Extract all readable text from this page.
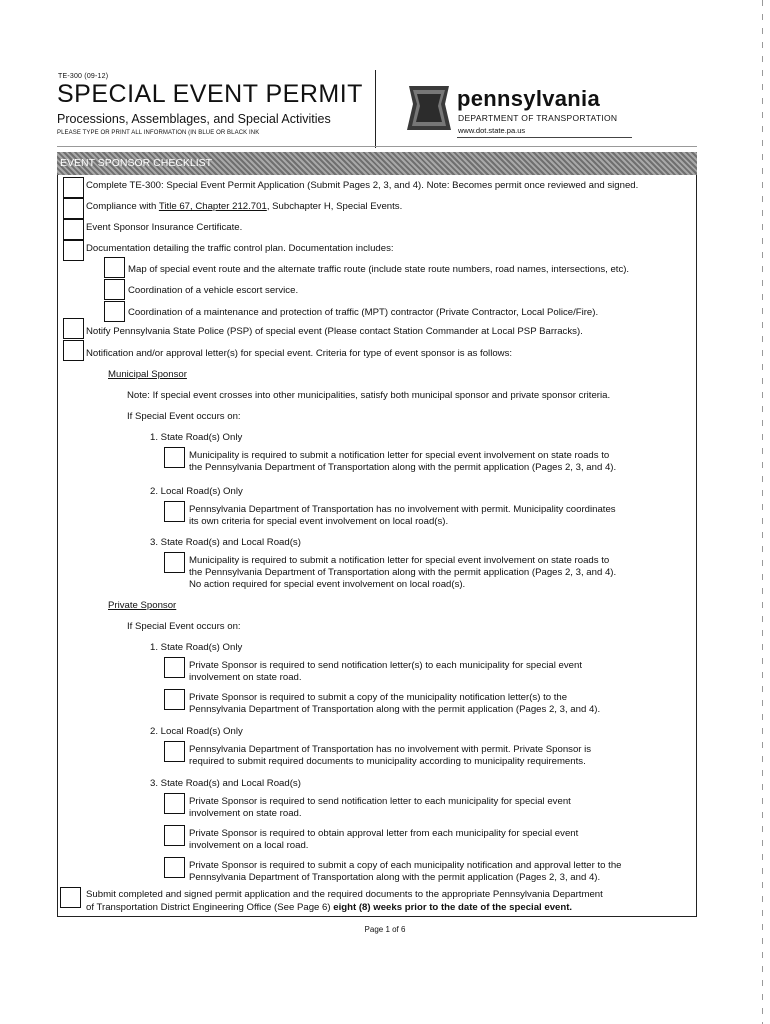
TE-300 (09-12)
SPECIAL EVENT PERMIT
Processions, Assemblages, and Special Activities
PLEASE TYPE OR PRINT ALL INFORMATION (IN BLUE OR BLACK INK
pennsylvania
DEPARTMENT OF TRANSPORTATION
www.dot.state.pa.us
EVENT SPONSOR CHECKLIST
Complete TE-300: Special Event Permit Application (Submit Pages 2, 3, and 4). Note: Becomes permit once reviewed and signed.
Compliance with Title 67, Chapter 212.701, Subchapter H, Special Events.
Event Sponsor Insurance Certificate.
Documentation detailing the traffic control plan. Documentation includes:
Map of special event route and the alternate traffic route (include state route numbers, road names, intersections, etc).
Coordination of a vehicle escort service.
Coordination of a maintenance and protection of traffic (MPT) contractor (Private Contractor, Local Police/Fire).
Notify Pennsylvania State Police (PSP) of special event (Please contact Station Commander at Local PSP Barracks).
Notification and/or approval letter(s) for special event. Criteria for type of event sponsor is as follows:
Municipal Sponsor
Note: If special event crosses into other municipalities, satisfy both municipal sponsor and private sponsor criteria.
If Special Event occurs on:
1. State Road(s) Only
Municipality is required to submit a notification letter for special event involvement on state roads to
the Pennsylvania Department of Transportation along with the permit application (Pages 2, 3, and 4).
2. Local Road(s) Only
Pennsylvania Department of Transportation has no involvement with permit. Municipality coordinates
its own criteria for special event involvement on local road(s).
3. State Road(s) and Local Road(s)
Municipality is required to submit a notification letter for special event involvement on state roads to
the Pennsylvania Department of Transportation along with the permit application (Pages 2, 3, and 4).
No action required for special event involvement on local road(s).
Private Sponsor
If Special Event occurs on:
1. State Road(s) Only
Private Sponsor is required to send notification letter(s) to each municipality for special event
involvement on state road.
Private Sponsor is required to submit a copy of the municipality notification letter(s) to the
Pennsylvania Department of Transportation along with the permit application (Pages 2, 3, and 4).
2. Local Road(s) Only
Pennsylvania Department of Transportation has no involvement with permit. Private Sponsor is
required to submit required documents to municipality according to municipality requirements.
3. State Road(s) and Local Road(s)
Private Sponsor is required to send notification letter to each municipality for special event
involvement on state road.
Private Sponsor is required to obtain approval letter from each municipality for special event
involvement on a local road.
Private Sponsor is required to submit a copy of each municipality notification and approval letter to the
Pennsylvania Department of Transportation along with the permit application (Pages 2, 3, and 4).
Submit completed and signed permit application and the required documents to the appropriate Pennsylvania Department
of Transportation District Engineering Office (See Page 6) eight (8) weeks prior to the date of the special event.
Page 1 of 6
